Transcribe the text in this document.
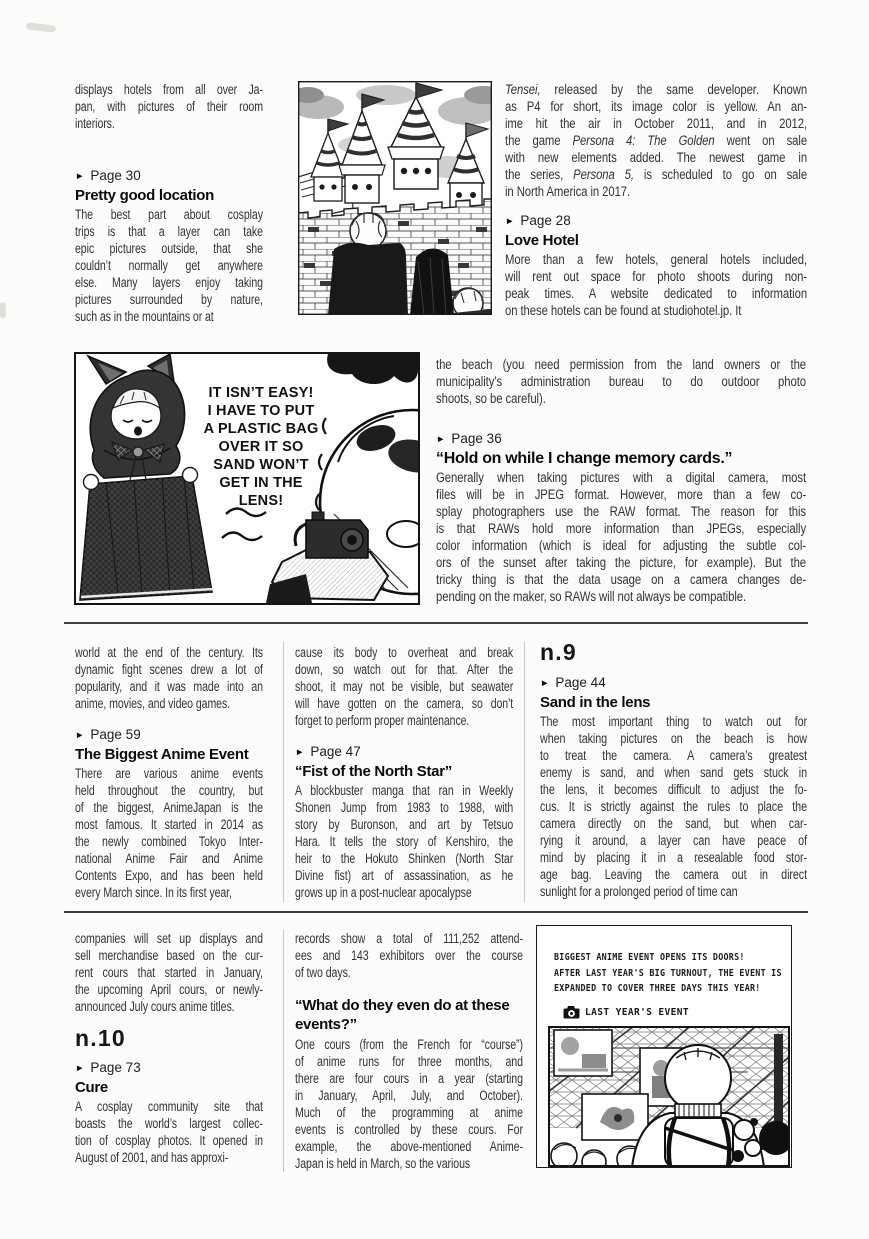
displays hotels from all over Ja-
pan, with pictures of their room
interiors.
► Page 30
Pretty good location
The best part about cosplay
trips is that a layer can take
epic pictures outside, that she
couldn’t normally get anywhere
else. Many layers enjoy taking
pictures surrounded by nature,
such as in the mountains or at
Tensei, released by the same developer. Known
as P4 for short, its image color is yellow. An an-
ime hit the air in October 2011, and in 2012,
the game Persona 4: The Golden went on sale
with new elements added. The newest game in
the series, Persona 5, is scheduled to go on sale
in North America in 2017.
► Page 28
Love Hotel
More than a few hotels, general hotels included,
will rent out space for photo shoots during non-
peak times. A website dedicated to information
on these hotels can be found at studiohotel.jp. It
IT ISN’T EASY!
I HAVE TO PUT
A PLASTIC BAG
OVER IT SO
SAND WON’T
GET IN THE
LENS!
the beach (you need permission from the land owners or the
municipality’s administration bureau to do outdoor photo
shoots, so be careful).
► Page 36
“Hold on while I change memory cards.”
Generally when taking pictures with a digital camera, most
files will be in JPEG format. However, more than a few co-
splay photographers use the RAW format. The reason for this
is that RAWs hold more information than JPEGs, especially
color information (which is ideal for adjusting the subtle col-
ors of the sunset after taking the picture, for example). But the
tricky thing is that the data usage on a camera changes de-
pending on the maker, so RAWs will not always be compatible.
world at the end of the century. Its
dynamic fight scenes drew a lot of
popularity, and it was made into an
anime, movies, and video games.
► Page 59
The Biggest Anime Event
There are various anime events
held throughout the country, but
of the biggest, AnimeJapan is the
most famous. It started in 2014 as
the newly combined Tokyo Inter-
national Anime Fair and Anime
Contents Expo, and has been held
every March since. In its first year,
cause its body to overheat and break
down, so watch out for that. After the
shoot, it may not be visible, but seawater
will have gotten on the camera, so don’t
forget to perform proper maintenance.
► Page 47
“Fist of the North Star”
A blockbuster manga that ran in Weekly
Shonen Jump from 1983 to 1988, with
story by Buronson, and art by Tetsuo
Hara. It tells the story of Kenshiro, the
heir to the Hokuto Shinken (North Star
Divine fist) art of assassination, as he
grows up in a post-nuclear apocalypse
n.9
► Page 44
Sand in the lens
The most important thing to watch out for
when taking pictures on the beach is how
to treat the camera. A camera’s greatest
enemy is sand, and when sand gets stuck in
the lens, it becomes difficult to adjust the fo-
cus. It is strictly against the rules to place the
camera directly on the sand, but when car-
rying it around, a layer can have peace of
mind by placing it in a resealable food stor-
age bag. Leaving the camera out in direct
sunlight for a prolonged period of time can
companies will set up displays and
sell merchandise based on the cur-
rent cours that started in January,
the upcoming April cours, or newly-
announced July cours anime titles.
n.10
► Page 73
Cure
A cosplay community site that
boasts the world’s largest collec-
tion of cosplay photos. It opened in
August of 2001, and has approxi-
records show a total of 111,252 attend-
ees and 143 exhibitors over the course
of two days.
“What do they even do at these
events?”
One cours (from the French for “course”)
of anime runs for three months, and
there are four cours in a year (starting
in January, April, July, and October).
Much of the programming at anime
events is controlled by these cours. For
example, the above-mentioned Anime-
Japan is held in March, so the various
BIGGEST ANIME EVENT OPENS ITS DOORS!
AFTER LAST YEAR'S BIG TURNOUT, THE EVENT IS
EXPANDED TO COVER THREE DAYS THIS YEAR!
LAST YEAR'S EVENT
